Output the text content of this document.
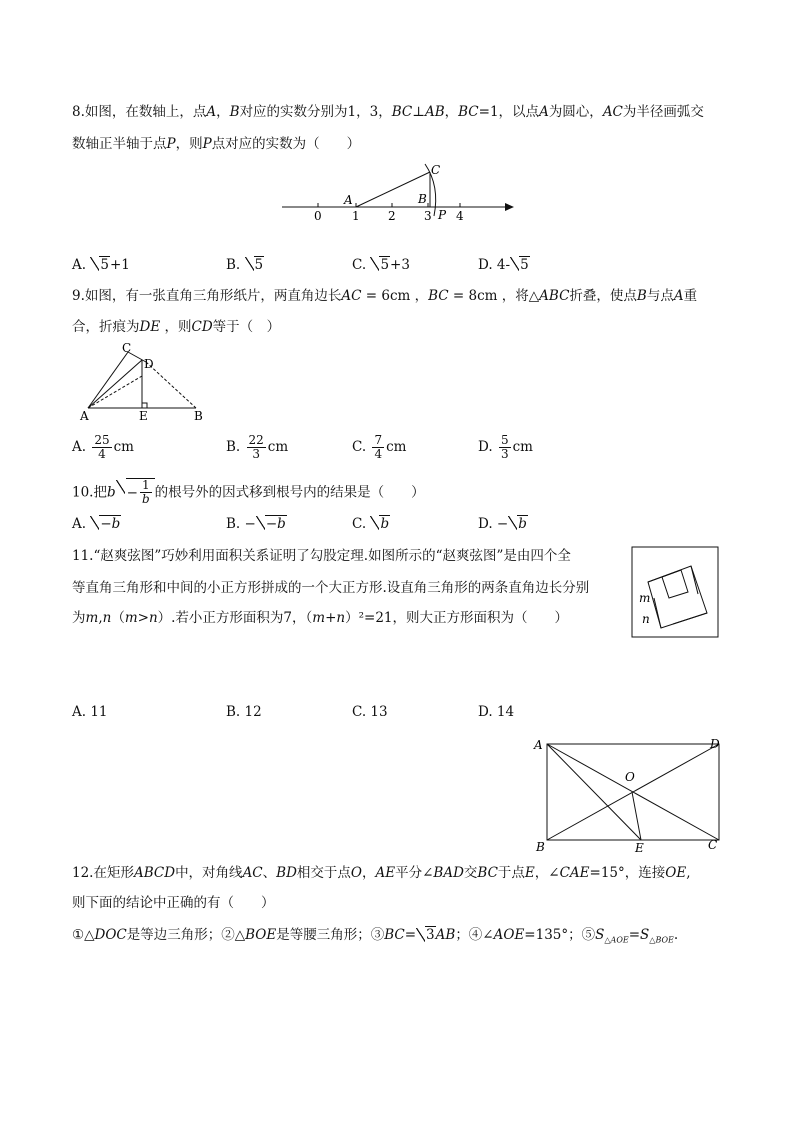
8.如图，在数轴上，点A，B对应的实数分别为1，3，BC⊥AB，BC=1，以点A为圆心，AC为半径画弧交
数轴正半轴于点P，则P点对应的实数为（　　）
0	1 2 3 4
A	B
C
P
A. 5+1	B. 5	C. 5+3	D. 4- 5
9.如图，有一张直角三角形纸片，两直角边长AC = 6cm ，BC = 8cm ，将△ABC折叠，使点B与点A重
合，折痕为DE ，则CD等于（　）
C
D
A	E	B
A. $\frac{25}{4}$ cm	B. $\frac{22}{3}$ cm	C. $\frac{7}{4}$ cm	D. $\frac{5}{3}$ cm
10.把$b - \frac{1}{b}$ 的根号外的因式移到根号内的结果是（　　）
A. −b	B. − −b	C. b	D. − b
11.“赵爽弦图”巧妙利用面积关系证明了勾股定理.如图所示的“赵爽弦图”是由四个全
等直角三角形和中间的小正方形拼成的一个大正方形.设直角三角形的两条直角边长分别
为m,n（m>n）.若小正方形面积为7，（m+n）²=21，则大正方形面积为（　　）
m
n
A. 11	B. 12	C. 13	D. 14
A	D
O
B	E	C
12.在矩形ABCD中，对角线AC、BD相交于点O，AE平分∠BAD交BC于点E，∠CAE=15°，连接OE,
则下面的结论中正确的有（　　）
①△DOC是等边三角形；②△BOE是等腰三角形；③BC= 3AB；④∠AOE=135°；$⑤S_{\triangle AOE}=S_{\triangle BOE}$.
